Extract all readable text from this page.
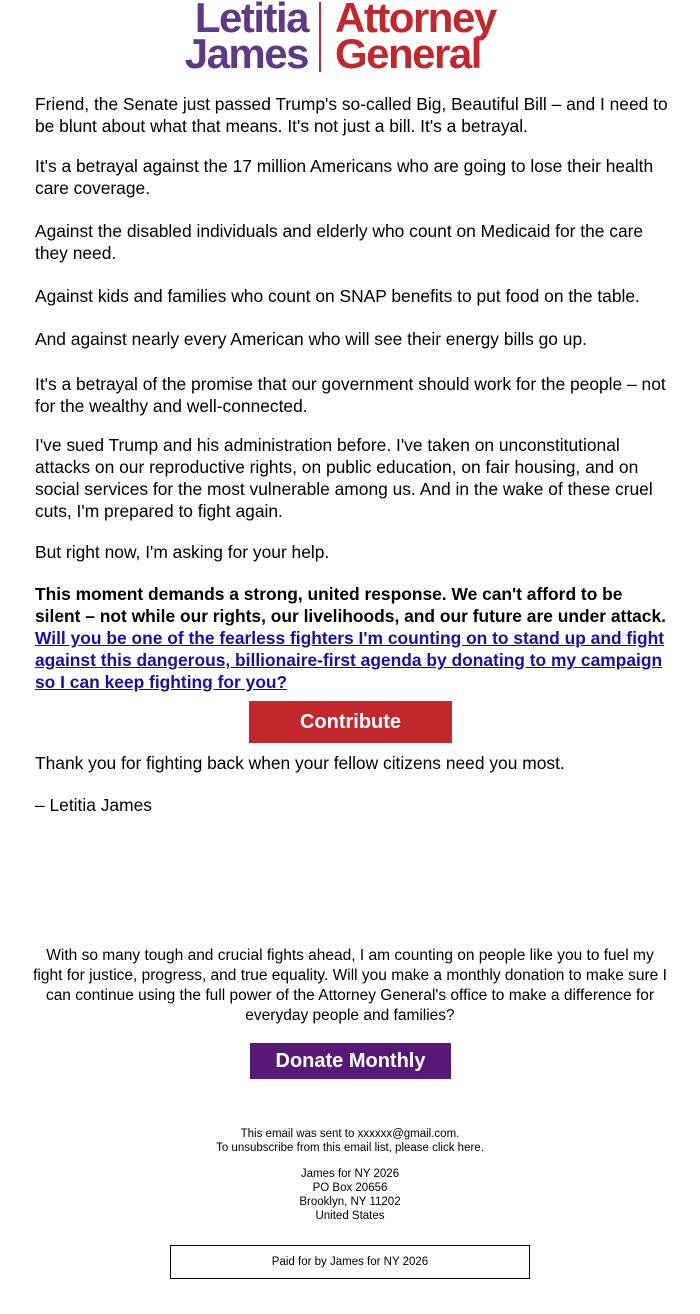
Letitia
James
Attorney
General

Friend, the Senate just passed Trump's so-called Big, Beautiful Bill – and I need to be blunt about what that means. It's not just a bill. It's a betrayal.

It's a betrayal against the 17 million Americans who are going to lose their health care coverage.

Against the disabled individuals and elderly who count on Medicaid for the care they need.

Against kids and families who count on SNAP benefits to put food on the table.

And against nearly every American who will see their energy bills go up.

It's a betrayal of the promise that our government should work for the people – not for the wealthy and well-connected.

I've sued Trump and his administration before. I've taken on unconstitutional attacks on our reproductive rights, on public education, on fair housing, and on social services for the most vulnerable among us. And in the wake of these cruel cuts, I'm prepared to fight again.

But right now, I'm asking for your help.

This moment demands a strong, united response. We can't afford to be silent – not while our rights, our livelihoods, and our future are under attack. Will you be one of the fearless fighters I'm counting on to stand up and fight against this dangerous, billionaire-first agenda by donating to my campaign so I can keep fighting for you?

Contribute

Thank you for fighting back when your fellow citizens need you most.

– Letitia James

With so many tough and crucial fights ahead, I am counting on people like you to fuel my fight for justice, progress, and true equality. Will you make a monthly donation to make sure I can continue using the full power of the Attorney General's office to make a difference for everyday people and families?

Donate Monthly
This email was sent to xxxxxx@gmail.com.
To unsubscribe from this email list, please click here.
James for NY 2026
PO Box 20656
Brooklyn, NY 11202
United States
Paid for by James for NY 2026
